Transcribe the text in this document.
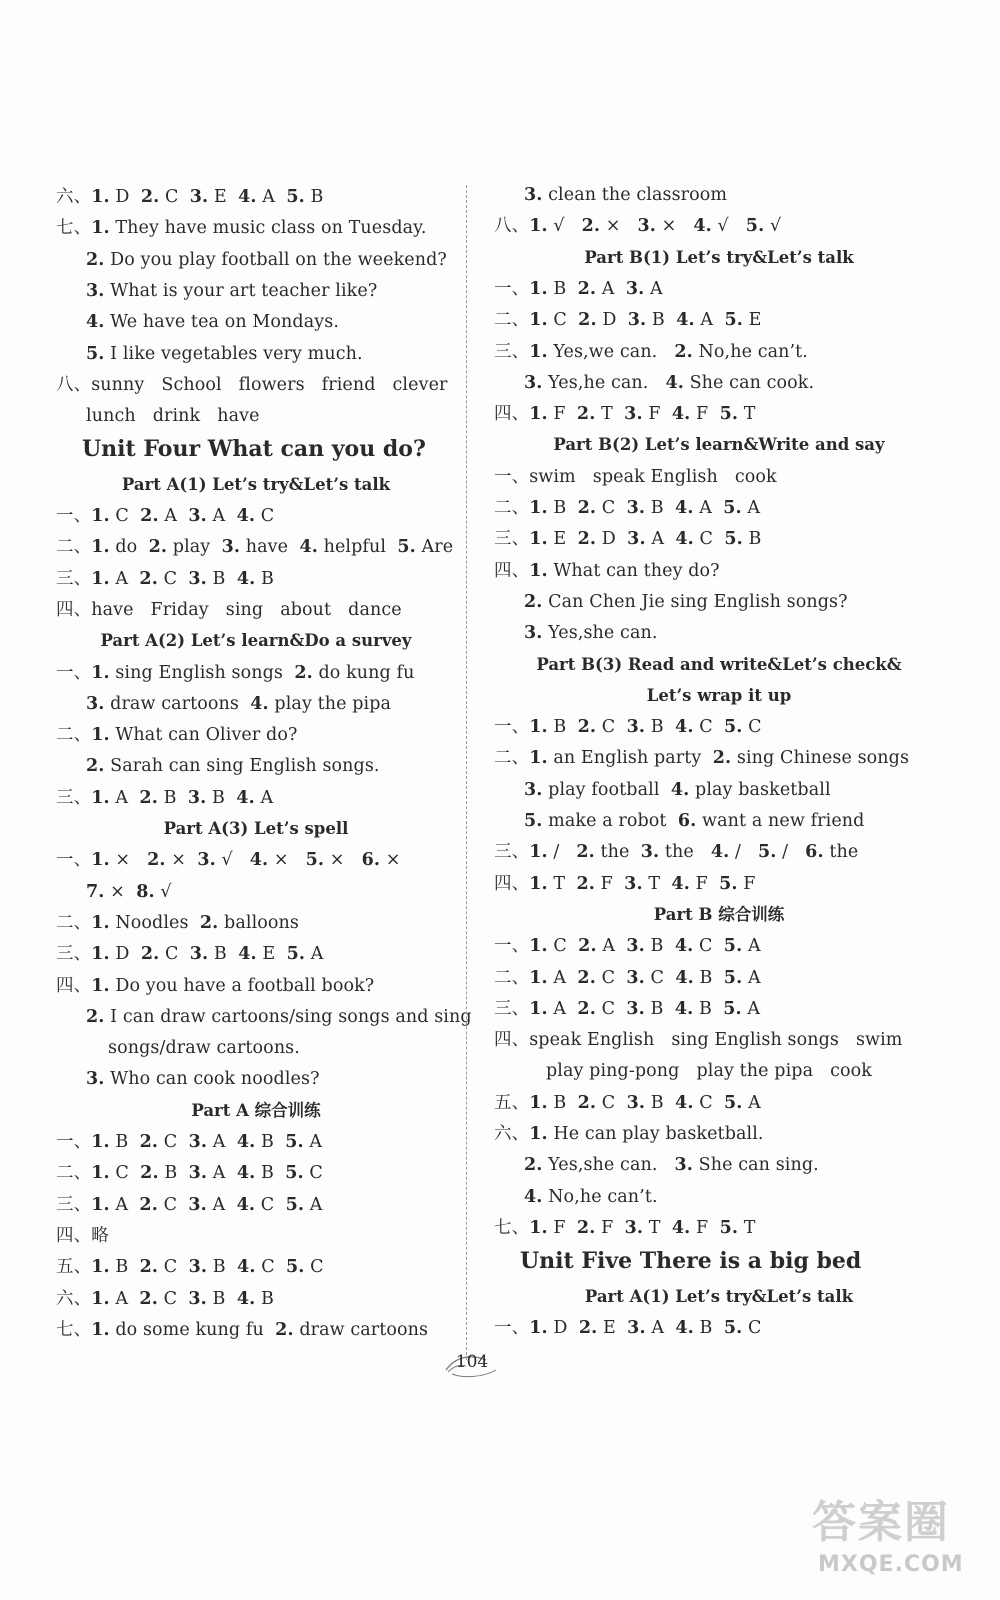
六、1. D  2. C  3. E  4. A  5. B
七、1. They have music class on Tuesday.
2. Do you play football on the weekend?
3. What is your art teacher like?
4. We have tea on Mondays.
5. I like vegetables very much.
八、sunny   School   flowers   friend   clever
lunch   drink   have
Unit Four What can you do?
Part A(1) Let’s try&Let’s talk
一、1. C  2. A  3. A  4. C
二、1. do  2. play  3. have  4. helpful  5. Are
三、1. A  2. C  3. B  4. B
四、have   Friday   sing   about   dance
Part A(2) Let’s learn&Do a survey
一、1. sing English songs  2. do kung fu
3. draw cartoons  4. play the pipa
二、1. What can Oliver do?
2. Sarah can sing English songs.
三、1. A  2. B  3. B  4. A
Part A(3) Let’s spell
一、1. ×   2. ×  3. √   4. ×   5. ×   6. ×
7. ×  8. √
二、1. Noodles  2. balloons
三、1. D  2. C  3. B  4. E  5. A
四、1. Do you have a football book?
2. I can draw cartoons/sing songs and sing
songs/draw cartoons.
3. Who can cook noodles?
Part A 综合训练
一、1. B  2. C  3. A  4. B  5. A
二、1. C  2. B  3. A  4. B  5. C
三、1. A  2. C  3. A  4. C  5. A
四、略
五、1. B  2. C  3. B  4. C  5. C
六、1. A  2. C  3. B  4. B
七、1. do some kung fu  2. draw cartoons
3. clean the classroom
八、1. √   2. ×   3. ×   4. √   5. √
Part B(1) Let’s try&Let’s talk
一、1. B  2. A  3. A
二、1. C  2. D  3. B  4. A  5. E
三、1. Yes,we can.   2. No,he can’t.
3. Yes,he can.   4. She can cook.
四、1. F  2. T  3. F  4. F  5. T
Part B(2) Let’s learn&Write and say
一、swim   speak English   cook
二、1. B  2. C  3. B  4. A  5. A
三、1. E  2. D  3. A  4. C  5. B
四、1. What can they do?
2. Can Chen Jie sing English songs?
3. Yes,she can.
Part B(3) Read and write&Let’s check&
Let’s wrap it up
一、1. B  2. C  3. B  4. C  5. C
二、1. an English party  2. sing Chinese songs
3. play football  4. play basketball
5. make a robot  6. want a new friend
三、1. /   2. the  3. the   4. /   5. /   6. the
四、1. T  2. F  3. T  4. F  5. F
Part B 综合训练
一、1. C  2. A  3. B  4. C  5. A
二、1. A  2. C  3. C  4. B  5. A
三、1. A  2. C  3. B  4. B  5. A
四、speak English   sing English songs   swim
play ping-pong   play the pipa   cook
五、1. B  2. C  3. B  4. C  5. A
六、1. He can play basketball.
2. Yes,she can.   3. She can sing.
4. No,he can’t.
七、1. F  2. F  3. T  4. F  5. T
Unit Five There is a big bed
Part A(1) Let’s try&Let’s talk
一、1. D  2. E  3. A  4. B  5. C
104
答案圈
MXQE.COM
